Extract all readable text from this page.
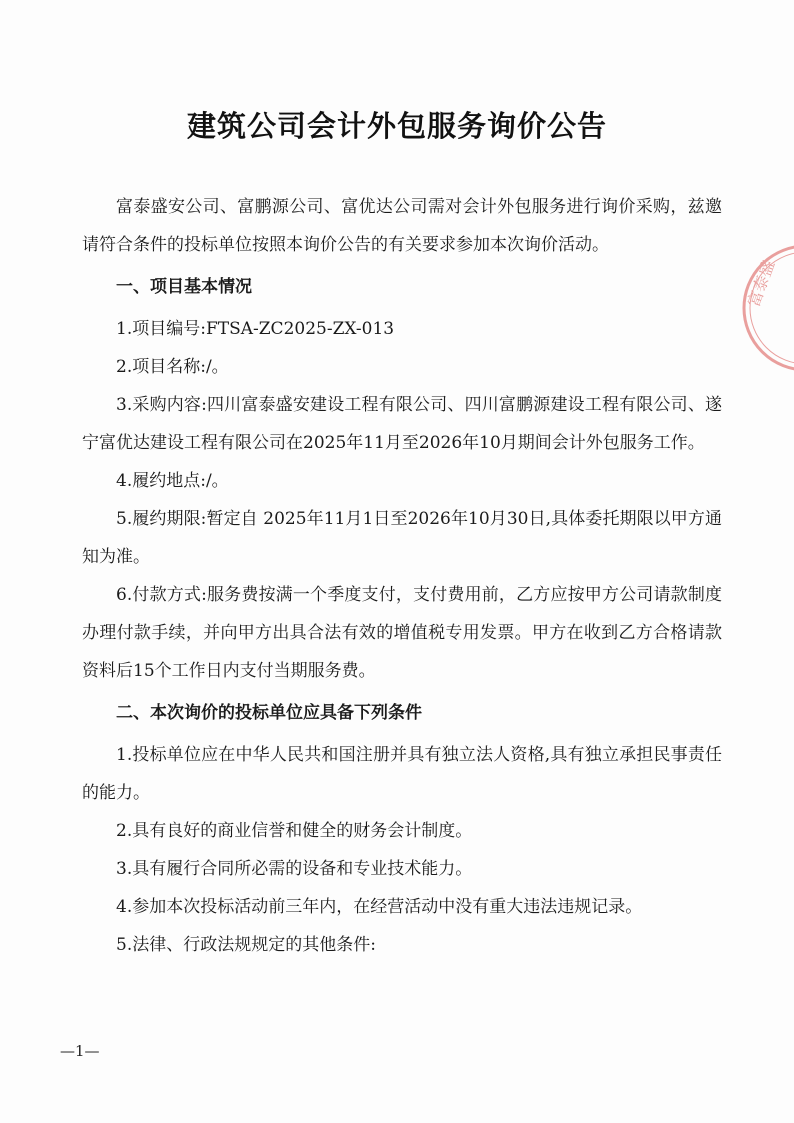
建筑公司会计外包服务询价公告

富泰盛安公司、富鹏源公司、富优达公司需对会计外包服务进行询价采购，兹邀请符合条件的投标单位按照本询价公告的有关要求参加本次询价活动。

一、项目基本情况

1.项目编号:FTSA-ZC2025-ZX-013

2.项目名称:/。

3.采购内容:四川富泰盛安建设工程有限公司、四川富鹏源建设工程有限公司、遂宁富优达建设工程有限公司在2025年11月至2026年10月期间会计外包服务工作。

4.履约地点:/。

5.履约期限:暂定自 2025年11月1日至2026年10月30日,具体委托期限以甲方通知为准。

6.付款方式:服务费按满一个季度支付，支付费用前，乙方应按甲方公司请款制度办理付款手续，并向甲方出具合法有效的增值税专用发票。甲方在收到乙方合格请款资料后15个工作日内支付当期服务费。

二、本次询价的投标单位应具备下列条件

1.投标单位应在中华人民共和国注册并具有独立法人资格,具有独立承担民事责任的能力。

2.具有良好的商业信誉和健全的财务会计制度。

3.具有履行合同所必需的设备和专业技术能力。

4.参加本次投标活动前三年内，在经营活动中没有重大违法违规记录。

5.法律、行政法规规定的其他条件:

富泰盛
—1—
